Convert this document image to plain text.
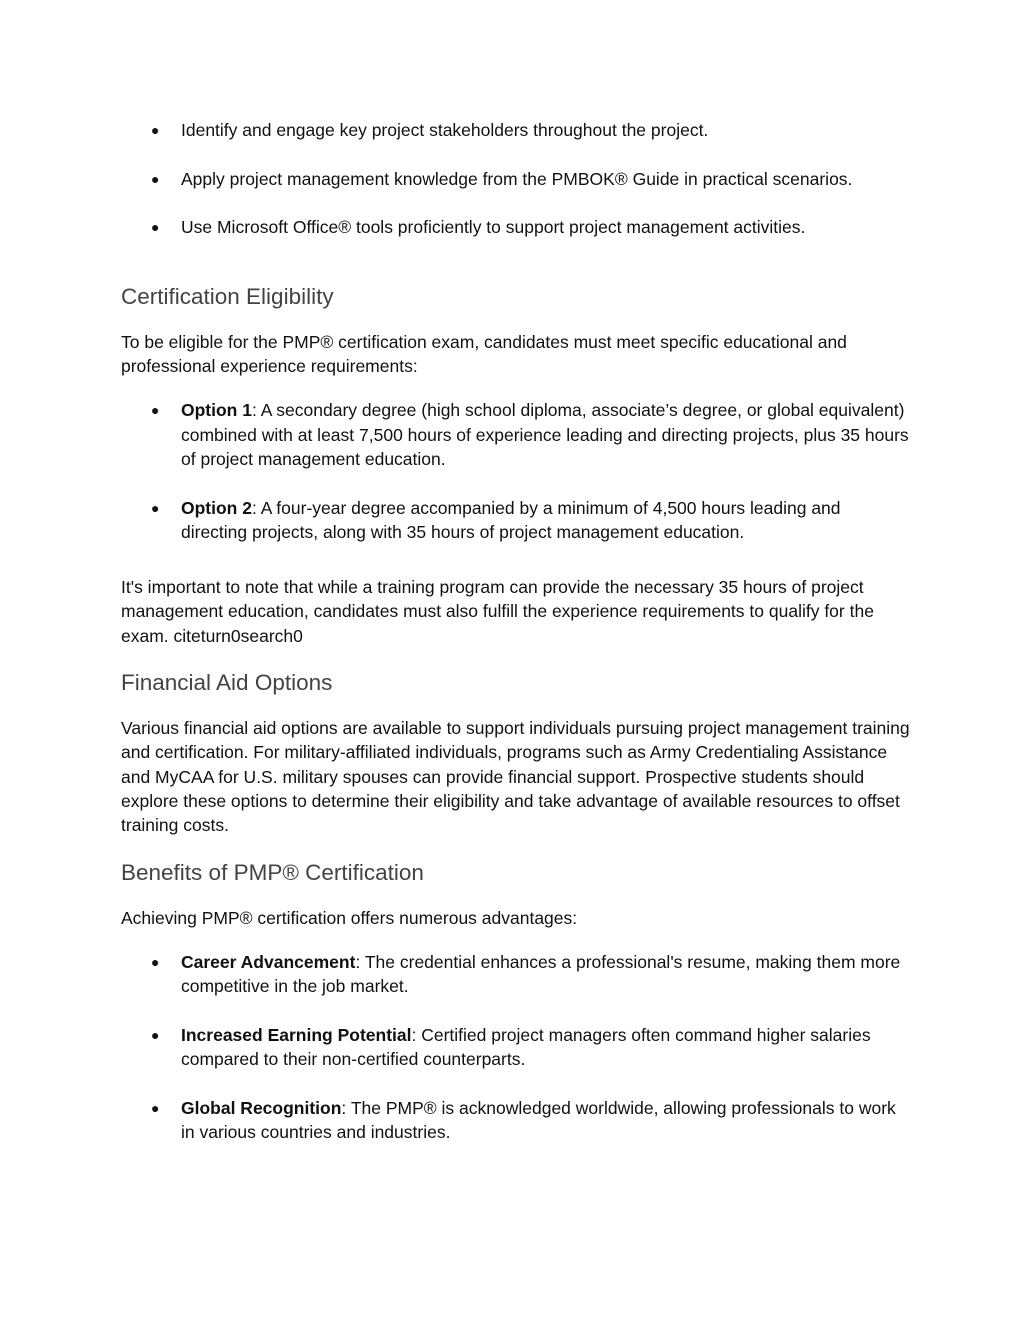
● Identify and engage key project stakeholders throughout the project.
● Apply project management knowledge from the PMBOK® Guide in practical scenarios.
● Use Microsoft Office® tools proficiently to support project management activities.
Certification Eligibility

To be eligible for the PMP® certification exam, candidates must meet specific educational and professional experience requirements:

● Option 1: A secondary degree (high school diploma, associate’s degree, or global equivalent) combined with at least 7,500 hours of experience leading and directing projects, plus 35 hours of project management education.
● Option 2: A four-year degree accompanied by a minimum of 4,500 hours leading and directing projects, along with 35 hours of project management education.

It's important to note that while a training program can provide the necessary 35 hours of project management education, candidates must also fulfill the experience requirements to qualify for the exam. citeturn0search0

Financial Aid Options

Various financial aid options are available to support individuals pursuing project management training and certification. For military-affiliated individuals, programs such as Army Credentialing Assistance and MyCAA for U.S. military spouses can provide financial support. Prospective students should explore these options to determine their eligibility and take advantage of available resources to offset training costs.

Benefits of PMP® Certification

Achieving PMP® certification offers numerous advantages:

● Career Advancement: The credential enhances a professional's resume, making them more competitive in the job market.
● Increased Earning Potential: Certified project managers often command higher salaries compared to their non-certified counterparts.
● Global Recognition: The PMP® is acknowledged worldwide, allowing professionals to work in various countries and industries.
